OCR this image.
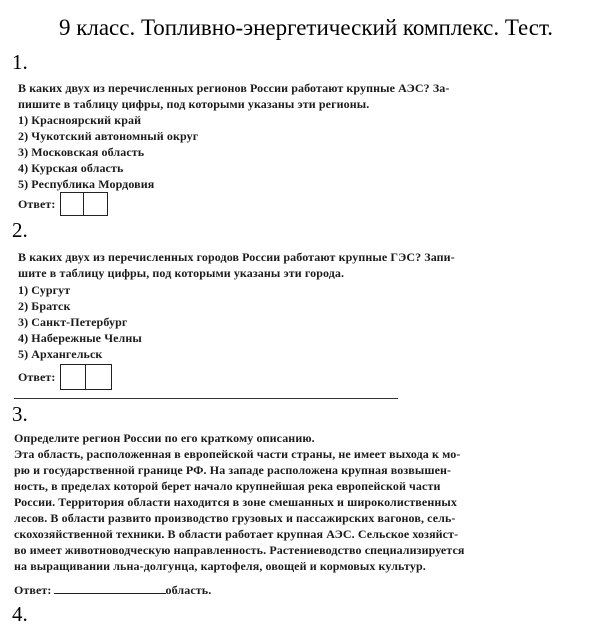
9 класс. Топливно-энергетический комплекс. Тест.
1.

В каких двух из перечисленных регионов России работают крупные АЭС? За-

пишите в таблицу цифры, под которыми указаны эти регионы.

1) Красноярский край
2) Чукотский автономный округ
3) Московская область
4) Курская область
5) Республика Мордовия
Ответ:
2.

В каких двух из перечисленных городов России работают крупные ГЭС? Запи-

шите в таблицу цифры, под которыми указаны эти города.

1) Сургут
2) Братск
3) Санкт-Петербург
4) Набережные Челны
5) Архангельск
Ответ:
3.

Определите регион России по его краткому описанию.

Эта область, расположенная в европейской части страны, не имеет выхода к мо-

рю и государственной границе РФ. На западе расположена крупная возвышен-

ность, в пределах которой берет начало крупнейшая река европейской части

России. Территория области находится в зоне смешанных и широколиственных

лесов. В области развито производство грузовых и пассажирских вагонов, сель-

скохозяйственной техники. В области работает крупная АЭС. Сельское хозяйст-

во имеет животноводческую направленность. Растениеводство специализируется

на выращивании льна-долгунца, картофеля, овощей и кормовых культур.

Ответ:	область.
4.
